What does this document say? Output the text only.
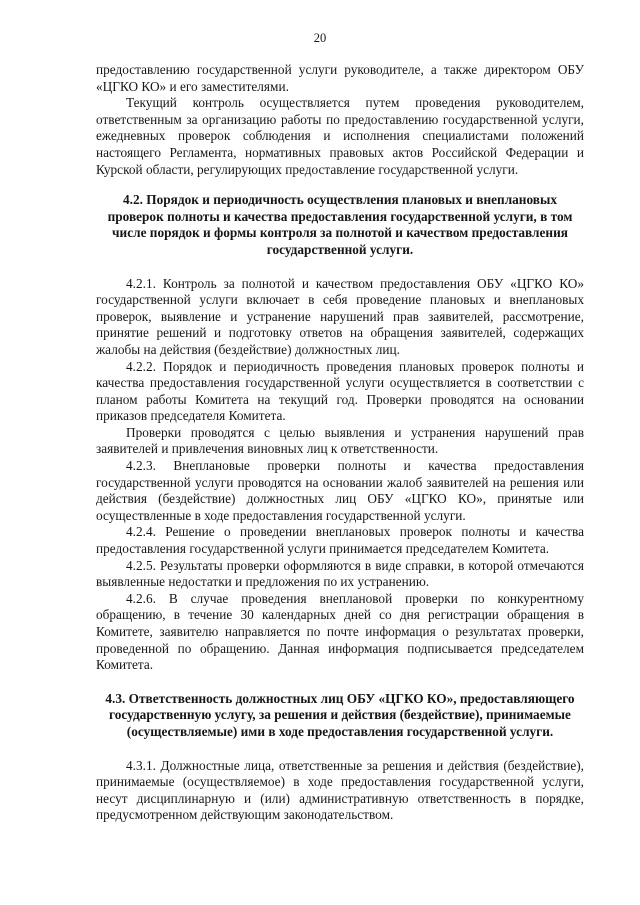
20

предоставлению государственной услуги руководителе, а также директором ОБУ «ЦГКО КО» и его заместителями.

Текущий контроль осуществляется путем проведения руководителем, ответственным за организацию работы по предоставлению государственной услуги, ежедневных проверок соблюдения и исполнения специалистами положений настоящего Регламента, нормативных правовых актов Российской Федерации и Курской области, регулирующих предоставление государственной услуги.

4.2. Порядок и периодичность осуществления плановых и внеплановых проверок полноты и качества предоставления государственной услуги, в том числе порядок и формы контроля за полнотой и качеством предоставления государственной услуги.

4.2.1. Контроль за полнотой и качеством предоставления ОБУ «ЦГКО КО» государственной услуги включает в себя проведение плановых и внеплановых проверок, выявление и устранение нарушений прав заявителей, рассмотрение, принятие решений и подготовку ответов на обращения заявителей, содержащих жалобы на действия (бездействие) должностных лиц.

4.2.2. Порядок и периодичность проведения плановых проверок полноты и качества предоставления государственной услуги осуществляется в соответствии с планом работы Комитета на текущий год. Проверки проводятся на основании приказов председателя Комитета.

Проверки проводятся с целью выявления и устранения нарушений прав заявителей и привлечения виновных лиц к ответственности.

4.2.3. Внеплановые проверки полноты и качества предоставления государственной услуги проводятся на основании жалоб заявителей на решения или действия (бездействие) должностных лиц ОБУ «ЦГКО КО», принятые или осуществленные в ходе предоставления государственной услуги.

4.2.4. Решение о проведении внеплановых проверок полноты и качества предоставления государственной услуги принимается председателем Комитета.

4.2.5. Результаты проверки оформляются в виде справки, в которой отмечаются выявленные недостатки и предложения по их устранению.

4.2.6. В случае проведения внеплановой проверки по конкурентному обращению, в течение 30 календарных дней со дня регистрации обращения в Комитете, заявителю направляется по почте информация о результатах проверки, проведенной по обращению. Данная информация подписывается председателем Комитета.

4.3. Ответственность должностных лиц ОБУ «ЦГКО КО», предоставляющего государственную услугу, за решения и действия (бездействие), принимаемые (осуществляемые) ими в ходе предоставления государственной услуги.

4.3.1. Должностные лица, ответственные за решения и действия (бездействие), принимаемые (осуществляемое) в ходе предоставления государственной услуги, несут дисциплинарную и (или) административную ответственность в порядке, предусмотренном действующим законодательством.
